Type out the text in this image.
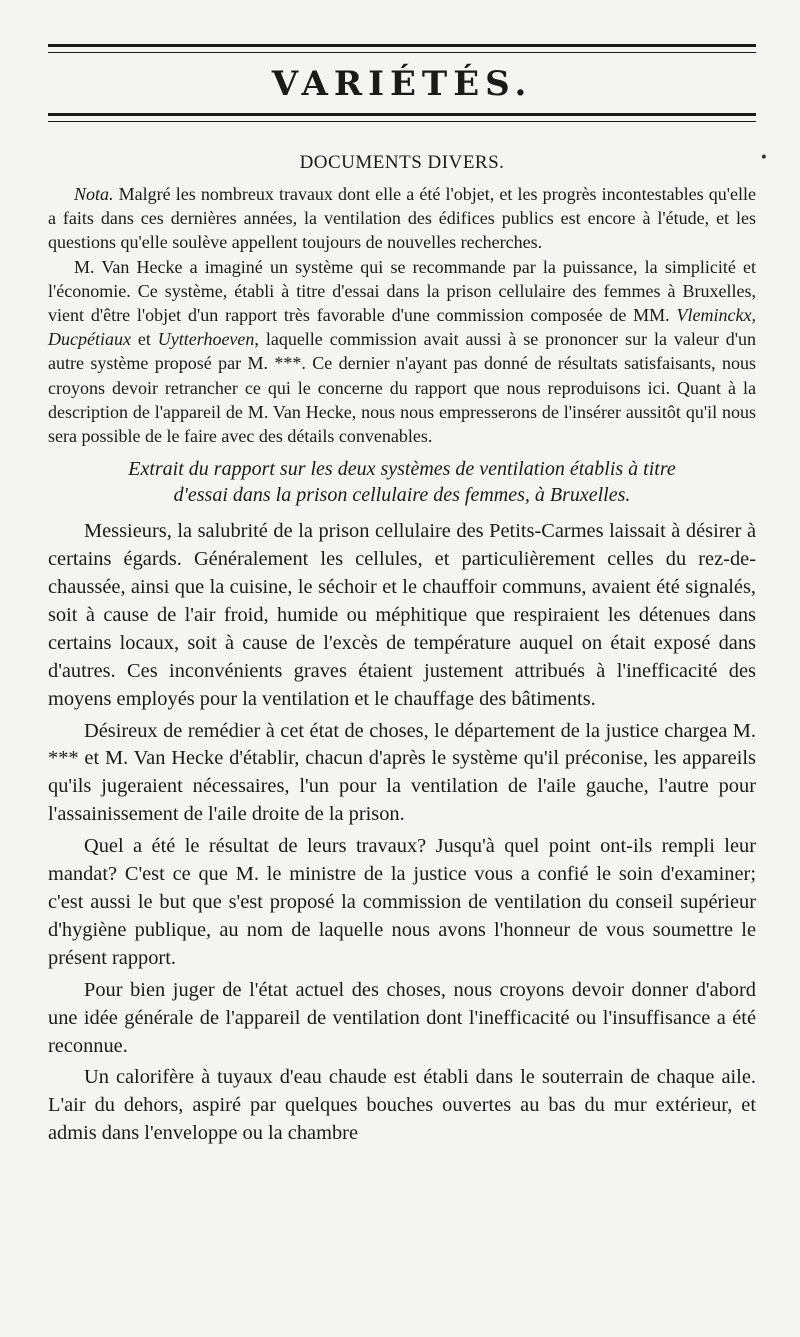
•
VARIÉTÉS.
DOCUMENTS DIVERS.

Nota. Malgré les nombreux travaux dont elle a été l'objet, et les progrès incontestables qu'elle a faits dans ces dernières années, la ventilation des édifices publics est encore à l'étude, et les questions qu'elle soulève appellent toujours de nouvelles recherches.

M. Van Hecke a imaginé un système qui se recommande par la puissance, la simplicité et l'économie. Ce système, établi à titre d'essai dans la prison cellulaire des femmes à Bruxelles, vient d'être l'objet d'un rapport très favorable d'une commission composée de MM. Vleminckx, Ducpétiaux et Uytterhoeven, laquelle commission avait aussi à se prononcer sur la valeur d'un autre système proposé par M. ***. Ce dernier n'ayant pas donné de résultats satisfaisants, nous croyons devoir retrancher ce qui le concerne du rapport que nous reproduisons ici. Quant à la description de l'appareil de M. Van Hecke, nous nous empresserons de l'insérer aussitôt qu'il nous sera possible de le faire avec des détails convenables.

Extrait du rapport sur les deux systèmes de ventilation établis à titre
d'essai dans la prison cellulaire des femmes, à Bruxelles.

Messieurs, la salubrité de la prison cellulaire des Petits-Carmes laissait à désirer à certains égards. Généralement les cellules, et particulièrement celles du rez-de-chaussée, ainsi que la cuisine, le séchoir et le chauffoir communs, avaient été signalés, soit à cause de l'air froid, humide ou méphitique que respiraient les détenues dans certains locaux, soit à cause de l'excès de température auquel on était exposé dans d'autres. Ces inconvénients graves étaient justement attribués à l'inefficacité des moyens employés pour la ventilation et le chauffage des bâtiments.

Désireux de remédier à cet état de choses, le département de la justice chargea M. *** et M. Van Hecke d'établir, chacun d'après le système qu'il préconise, les appareils qu'ils jugeraient nécessaires, l'un pour la ventilation de l'aile gauche, l'autre pour l'assainissement de l'aile droite de la prison.

Quel a été le résultat de leurs travaux? Jusqu'à quel point ont-ils rempli leur mandat? C'est ce que M. le ministre de la justice vous a confié le soin d'examiner; c'est aussi le but que s'est proposé la commission de ventilation du conseil supérieur d'hygiène publique, au nom de laquelle nous avons l'honneur de vous soumettre le présent rapport.

Pour bien juger de l'état actuel des choses, nous croyons devoir donner d'abord une idée générale de l'appareil de ventilation dont l'inefficacité ou l'insuffisance a été reconnue.

Un calorifère à tuyaux d'eau chaude est établi dans le souterrain de chaque aile. L'air du dehors, aspiré par quelques bouches ouvertes au bas du mur extérieur, et admis dans l'enveloppe ou la chambre
